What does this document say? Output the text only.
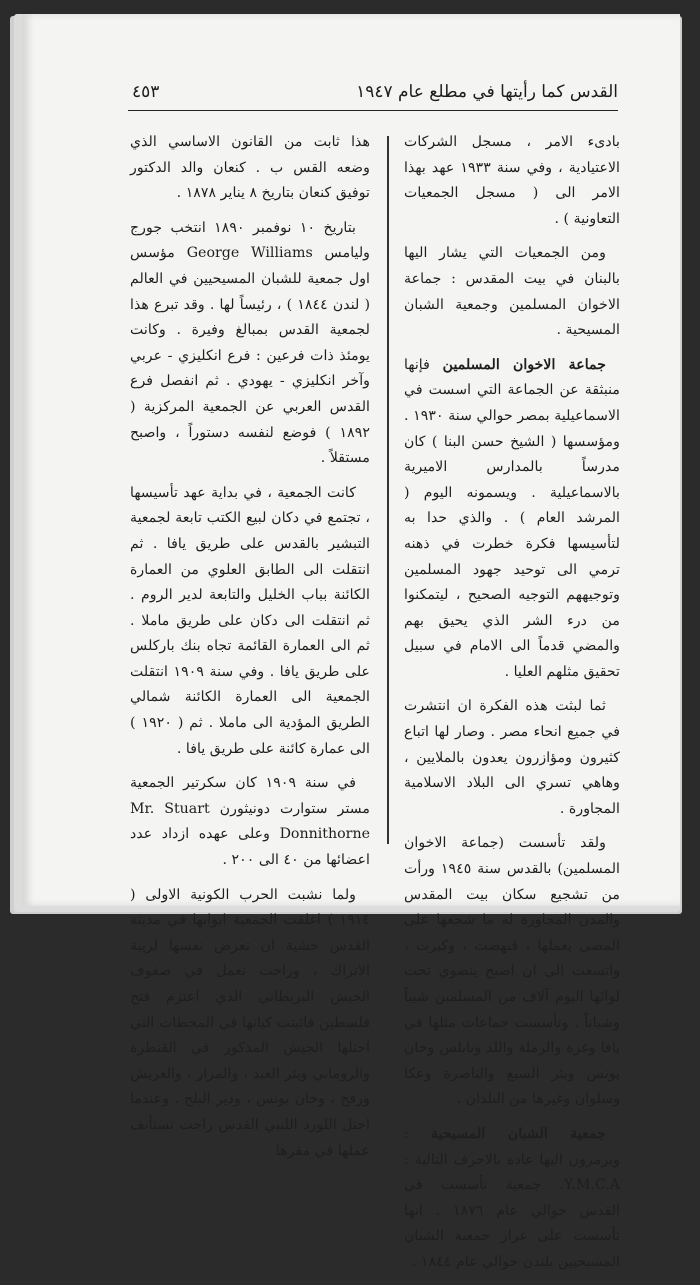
القدس كما رأيتها في مطلع عام ١٩٤٧
٤٥٣

بادىء الامر ، مسجل الشركات الاعتيادية ، وفي سنة ١٩٣٣ عهد بهذا الامر الى ( مسجل الجمعيات التعاونية ) .

ومن الجمعيات التي يشار اليها بالبنان في بيت المقدس : جماعة الاخوان المسلمين وجمعية الشبان المسيحية .

جماعة الاخوان المسلمين فإنها منبثقة عن الجماعة التي اسست في الاسماعيلية بمصر حوالي سنة ١٩٣٠ . ومؤسسها ( الشيخ حسن البنا ) كان مدرساً بالمدارس الاميرية بالاسماعيلية . ويسمونه اليوم ( المرشد العام ) . والذي حدا به لتأسيسها فكرة خطرت في ذهنه ترمي الى توحيد جهود المسلمين وتوجيههم التوجيه الصحيح ، ليتمكنوا من درء الشر الذي يحيق بهم والمضي قدماً الى الامام في سبيل تحقيق مثلهم العليا .

ثما لبثت هذه الفكرة ان انتشرت في جميع انحاء مصر . وصار لها اتباع كثيرون ومؤازرون يعدون بالملايين ، وهاهي تسري الى البلاد الاسلامية المجاورة .

ولقد تأسست (جماعة الاخوان المسلمين) بالقدس سنة ١٩٤٥ ورأت من تشجيع سكان بيت المقدس والمدن المجاورة له ما شجعها على المضي بعملها ، فنهضت ، وكبرت ، واتسعت الى ان اصبح ينضوي تحت لوائها اليوم آلاف من المسلمين شيباً وشباناً . وتأسست جماعات مثلها في يافا وغزة والرملة واللد ونابلس وخان يونس وبئر السبع والناصرة وعكا وسلوان وغيرها من البلدان .

جمعية الشبان المسيحية : ويرمزون اليها عادة بالاحرف التالية : Y.M.C.A. جمعية تأسست في القدس حوالي عام ١٨٧٦ . انها تأسست على غرار جمعية الشبان المسيحيين بلندن حوالي عام ١٨٤٤ .

هذا ثابت من القانون الاساسي الذي وضعه القس ب . كنعان والد الدكتور توفيق كنعان بتاريخ ٨ يناير ١٨٧٨ .

بتاريخ ١٠ نوفمبر ١٨٩٠ انتخب جورج وليامس George Williams مؤسس اول جمعية للشبان المسيحيين في العالم ( لندن ١٨٤٤ ) ، رئيساً لها . وقد تبرع هذا لجمعية القدس بمبالغ وفيرة . وكانت يومئذ ذات فرعين : فرع انكليزي - عربي وآخر انكليزي - يهودي . ثم انفصل فرع القدس العربي عن الجمعية المركزية ( ١٨٩٢ ) فوضع لنفسه دستوراً ، واصبح مستقلاً .

كانت الجمعية ، في بداية عهد تأسيسها ، تجتمع في دكان لبيع الكتب تابعة لجمعية التبشير بالقدس على طريق يافا . ثم انتقلت الى الطابق العلوي من العمارة الكائنة بباب الخليل والتابعة لدير الروم . ثم انتقلت الى دكان على طريق ماملا . ثم الى العمارة القائمة تجاه بنك باركلس على طريق يافا . وفي سنة ١٩٠٩ انتقلت الجمعية الى العمارة الكائنة شمالي الطريق المؤدية الى ماملا . ثم ( ١٩٢٠ ) الى عمارة كائنة على طريق يافا .

في سنة ١٩٠٩ كان سكرتير الجمعية مستر ستوارت دونيثورن Mr. Stuart Donnithorne وعلى عهده ازداد عدد اعضائها من ٤٠ الى ٢٠٠ .

ولما نشبت الحرب الكونية الاولى ( ١٩١٤ ) اغلقت الجمعية ابوابها في مدينة القدس خشية ان تعرض نفسها لريبة الاتراك ، وراحت تعمل في صفوف الجيش البريطاني الذي اعتزم فتح فلسطين فاثبتت كيانها في المحطات التي احتلها الجيش المذكور في القنطرة والروماني وبئر العبد ، والمزار ، والعريش ورفح ، وخان يونس ، ودير البلح . وعندما احتل اللورد اللنبي القدس راحت تستأنف عملها في مقرها
